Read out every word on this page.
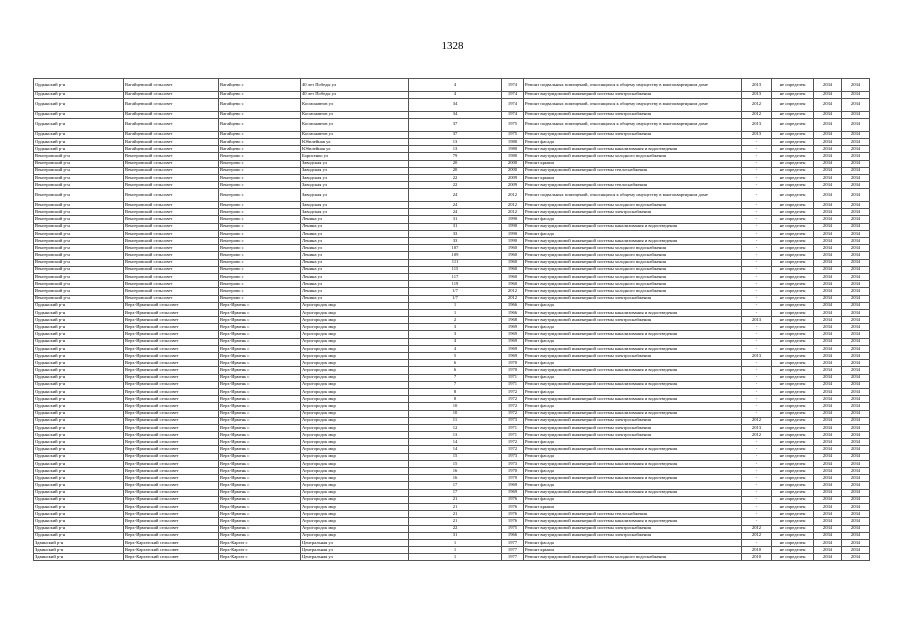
1328
Ордынский р-н	Вагайцевский сельсовет	Вагайцево с	40 лет Победы ул	4	1974	Ремонт подвальных помещений, относящихся к общему имуществу в многоквартирном доме	2013	не определен	2034	2034
Ордынский р-н	Вагайцевский сельсовет	Вагайцево с	40 лет Победы ул	4	1974	Ремонт внутридомовой инженерной системы электроснабжения	2013	не определен	2034	2034
Ордынский р-н	Вагайцевский сельсовет	Вагайцево с	Космонавтов ул	34	1974	Ремонт подвальных помещений, относящихся к общему имуществу в многоквартирном доме	2012	не определен	2034	2034
Ордынский р-н	Вагайцевский сельсовет	Вагайцево с	Космонавтов ул	34	1974	Ремонт внутридомовой инженерной системы электроснабжения	2012	не определен	2034	2034
Ордынский р-н	Вагайцевский сельсовет	Вагайцево с	Космонавтов ул	37	1975	Ремонт подвальных помещений, относящихся к общему имуществу в многоквартирном доме	2013	не определен	2034	2034
Ордынский р-н	Вагайцевский сельсовет	Вагайцево с	Космонавтов ул	37	1975	Ремонт внутридомовой инженерной системы электроснабжения	2013	не определен	2034	2034
Ордынский р-н	Вагайцевский сельсовет	Вагайцево с	Юбилейная ул	13	1980	Ремонт фасада	-	не определен	2034	2034
Ордынский р-н	Вагайцевский сельсовет	Вагайцево с	Юбилейная ул	13	1980	Ремонт внутридомовой инженерной системы канализования и водоотведения	-	не определен	2034	2034
Венгеровский р-н	Венгеровский сельсовет	Венгерово с	Борисенко ул	79	1980	Ремонт внутридомовой инженерной системы холодного водоснабжения	-	не определен	2034	2034
Венгеровский р-н	Венгеровский сельсовет	Венгерово с	Заводская ул	20	2000	Ремонт крыши	-	не определен	2034	2034
Венгеровский р-н	Венгеровский сельсовет	Венгерово с	Заводская ул	20	2000	Ремонт внутридомовой инженерной системы теплоснабжения	-	не определен	2034	2034
Венгеровский р-н	Венгеровский сельсовет	Венгерово с	Заводская ул	22	2009	Ремонт крыши	-	не определен	2034	2034
Венгеровский р-н	Венгеровский сельсовет	Венгерово с	Заводская ул	22	2009	Ремонт внутридомовой инженерной системы теплоснабжения	-	не определен	2034	2034
Венгеровский р-н	Венгеровский сельсовет	Венгерово с	Заводская ул	24	2012	Ремонт подвальных помещений, относящихся к общему имуществу в многоквартирном доме	-	не определен	2034	2034
Венгеровский р-н	Венгеровский сельсовет	Венгерово с	Заводская ул	24	2012	Ремонт внутридомовой инженерной системы холодного водоснабжения	-	не определен	2034	2034
Венгеровский р-н	Венгеровский сельсовет	Венгерово с	Заводская ул	24	2012	Ремонт внутридомовой инженерной системы электроснабжения	-	не определен	2034	2034
Венгеровский р-н	Венгеровский сельсовет	Венгерово с	Ленина ул	31	1990	Ремонт фасада	-	не определен	2034	2034
Венгеровский р-н	Венгеровский сельсовет	Венгерово с	Ленина ул	31	1990	Ремонт внутридомовой инженерной системы канализования и водоотведения	-	не определен	2034	2034
Венгеровский р-н	Венгеровский сельсовет	Венгерово с	Ленина ул	33	1990	Ремонт фасада	-	не определен	2034	2034
Венгеровский р-н	Венгеровский сельсовет	Венгерово с	Ленина ул	33	1990	Ремонт внутридомовой инженерной системы канализования и водоотведения	-	не определен	2034	2034
Венгеровский р-н	Венгеровский сельсовет	Венгерово с	Ленина ул	107	1960	Ремонт внутридомовой инженерной системы холодного водоснабжения	-	не определен	2034	2034
Венгеровский р-н	Венгеровский сельсовет	Венгерово с	Ленина ул	109	1960	Ремонт внутридомовой инженерной системы холодного водоснабжения	-	не определен	2034	2034
Венгеровский р-н	Венгеровский сельсовет	Венгерово с	Ленина ул	111	1960	Ремонт внутридомовой инженерной системы холодного водоснабжения	-	не определен	2034	2034
Венгеровский р-н	Венгеровский сельсовет	Венгерово с	Ленина ул	115	1960	Ремонт внутридомовой инженерной системы холодного водоснабжения	-	не определен	2034	2034
Венгеровский р-н	Венгеровский сельсовет	Венгерово с	Ленина ул	117	1960	Ремонт внутридомовой инженерной системы холодного водоснабжения	-	не определен	2034	2034
Венгеровский р-н	Венгеровский сельсовет	Венгерово с	Ленина ул	119	1960	Ремонт внутридомовой инженерной системы холодного водоснабжения	-	не определен	2034	2034
Венгеровский р-н	Венгеровский сельсовет	Венгерово с	Ленина ул	1/7	2012	Ремонт внутридомовой инженерной системы холодного водоснабжения	-	не определен	2034	2034
Венгеровский р-н	Венгеровский сельсовет	Венгерово с	Ленина ул	1/7	2012	Ремонт внутридомовой инженерной системы электроснабжения	-	не определен	2034	2034
Ордынский р-н	Верх-Ирменский сельсовет	Верх-Ирмень с	Агрогородок мкр	1	1966	Ремонт фасада	-	не определен	2034	2034
Ордынский р-н	Верх-Ирменский сельсовет	Верх-Ирмень с	Агрогородок мкр	1	1966	Ремонт внутридомовой инженерной системы канализования и водоотведения	-	не определен	2034	2034
Ордынский р-н	Верх-Ирменский сельсовет	Верх-Ирмень с	Агрогородок мкр	2	1968	Ремонт внутридомовой инженерной системы электроснабжения	2013	не определен	2034	2034
Ордынский р-н	Верх-Ирменский сельсовет	Верх-Ирмень с	Агрогородок мкр	3	1969	Ремонт фасада	-	не определен	2034	2034
Ордынский р-н	Верх-Ирменский сельсовет	Верх-Ирмень с	Агрогородок мкр	3	1969	Ремонт внутридомовой инженерной системы канализования и водоотведения	-	не определен	2034	2034
Ордынский р-н	Верх-Ирменский сельсовет	Верх-Ирмень с	Агрогородок мкр	4	1969	Ремонт фасада	-	не определен	2034	2034
Ордынский р-н	Верх-Ирменский сельсовет	Верх-Ирмень с	Агрогородок мкр	4	1969	Ремонт внутридомовой инженерной системы канализования и водоотведения	-	не определен	2034	2034
Ордынский р-н	Верх-Ирменский сельсовет	Верх-Ирмень с	Агрогородок мкр	5	1969	Ремонт внутридомовой инженерной системы электроснабжения	2013	не определен	2034	2034
Ордынский р-н	Верх-Ирменский сельсовет	Верх-Ирмень с	Агрогородок мкр	6	1970	Ремонт фасада	-	не определен	2034	2034
Ордынский р-н	Верх-Ирменский сельсовет	Верх-Ирмень с	Агрогородок мкр	6	1970	Ремонт внутридомовой инженерной системы канализования и водоотведения	-	не определен	2034	2034
Ордынский р-н	Верх-Ирменский сельсовет	Верх-Ирмень с	Агрогородок мкр	7	1971	Ремонт фасада	-	не определен	2034	2034
Ордынский р-н	Верх-Ирменский сельсовет	Верх-Ирмень с	Агрогородок мкр	7	1971	Ремонт внутридомовой инженерной системы канализования и водоотведения	-	не определен	2034	2034
Ордынский р-н	Верх-Ирменский сельсовет	Верх-Ирмень с	Агрогородок мкр	8	1972	Ремонт фасада	-	не определен	2034	2034
Ордынский р-н	Верх-Ирменский сельсовет	Верх-Ирмень с	Агрогородок мкр	8	1972	Ремонт внутридомовой инженерной системы канализования и водоотведения	-	не определен	2034	2034
Ордынский р-н	Верх-Ирменский сельсовет	Верх-Ирмень с	Агрогородок мкр	10	1972	Ремонт фасада	-	не определен	2034	2034
Ордынский р-н	Верх-Ирменский сельсовет	Верх-Ирмень с	Агрогородок мкр	10	1972	Ремонт внутридомовой инженерной системы канализования и водоотведения	-	не определен	2034	2034
Ордынский р-н	Верх-Ирменский сельсовет	Верх-Ирмень с	Агрогородок мкр	11	1973	Ремонт внутридомовой инженерной системы электроснабжения	2012	не определен	2034	2034
Ордынский р-н	Верх-Ирменский сельсовет	Верх-Ирмень с	Агрогородок мкр	12	1971	Ремонт внутридомовой инженерной системы электроснабжения	2013	не определен	2034	2034
Ордынский р-н	Верх-Ирменский сельсовет	Верх-Ирмень с	Агрогородок мкр	13	1971	Ремонт внутридомовой инженерной системы электроснабжения	2012	не определен	2034	2034
Ордынский р-н	Верх-Ирменский сельсовет	Верх-Ирмень с	Агрогородок мкр	14	1972	Ремонт фасада	-	не определен	2034	2034
Ордынский р-н	Верх-Ирменский сельсовет	Верх-Ирмень с	Агрогородок мкр	14	1972	Ремонт внутридомовой инженерной системы канализования и водоотведения	-	не определен	2034	2034
Ордынский р-н	Верх-Ирменский сельсовет	Верх-Ирмень с	Агрогородок мкр	15	1973	Ремонт фасада	-	не определен	2034	2034
Ордынский р-н	Верх-Ирменский сельсовет	Верх-Ирмень с	Агрогородок мкр	15	1973	Ремонт внутридомовой инженерной системы канализования и водоотведения	-	не определен	2034	2034
Ордынский р-н	Верх-Ирменский сельсовет	Верх-Ирмень с	Агрогородок мкр	16	1970	Ремонт фасада	-	не определен	2034	2034
Ордынский р-н	Верх-Ирменский сельсовет	Верх-Ирмень с	Агрогородок мкр	16	1970	Ремонт внутридомовой инженерной системы канализования и водоотведения	-	не определен	2034	2034
Ордынский р-н	Верх-Ирменский сельсовет	Верх-Ирмень с	Агрогородок мкр	17	1969	Ремонт фасада	-	не определен	2034	2034
Ордынский р-н	Верх-Ирменский сельсовет	Верх-Ирмень с	Агрогородок мкр	17	1969	Ремонт внутридомовой инженерной системы канализования и водоотведения	-	не определен	2034	2034
Ордынский р-н	Верх-Ирменский сельсовет	Верх-Ирмень с	Агрогородок мкр	21	1976	Ремонт фасада	-	не определен	2034	2034
Ордынский р-н	Верх-Ирменский сельсовет	Верх-Ирмень с	Агрогородок мкр	21	1976	Ремонт крыши	-	не определен	2034	2034
Ордынский р-н	Верх-Ирменский сельсовет	Верх-Ирмень с	Агрогородок мкр	21	1976	Ремонт внутридомовой инженерной системы теплоснабжения	-	не определен	2034	2034
Ордынский р-н	Верх-Ирменский сельсовет	Верх-Ирмень с	Агрогородок мкр	21	1976	Ремонт внутридомовой инженерной системы канализования и водоотведения	-	не определен	2034	2034
Ордынский р-н	Верх-Ирменский сельсовет	Верх-Ирмень с	Агрогородок мкр	22	1975	Ремонт внутридомовой инженерной системы электроснабжения	2012	не определен	2034	2034
Ордынский р-н	Верх-Ирменский сельсовет	Верх-Ирмень с	Агрогородок мкр	31	1966	Ремонт внутридомовой инженерной системы электроснабжения	2012	не определен	2034	2034
Здвинский р-н	Верх-Каргатский сельсовет	Верх-Каргат с	Центральная ул	1	1977	Ремонт фасада	-	не определен	2034	2034
Здвинский р-н	Верх-Каргатский сельсовет	Верх-Каргат с	Центральная ул	1	1977	Ремонт крыши	2010	не определен	2034	2034
Здвинский р-н	Верх-Каргатский сельсовет	Верх-Каргат с	Центральная ул	1	1977	Ремонт внутридомовой инженерной системы холодного водоснабжения	2010	не определен	2034	2034
